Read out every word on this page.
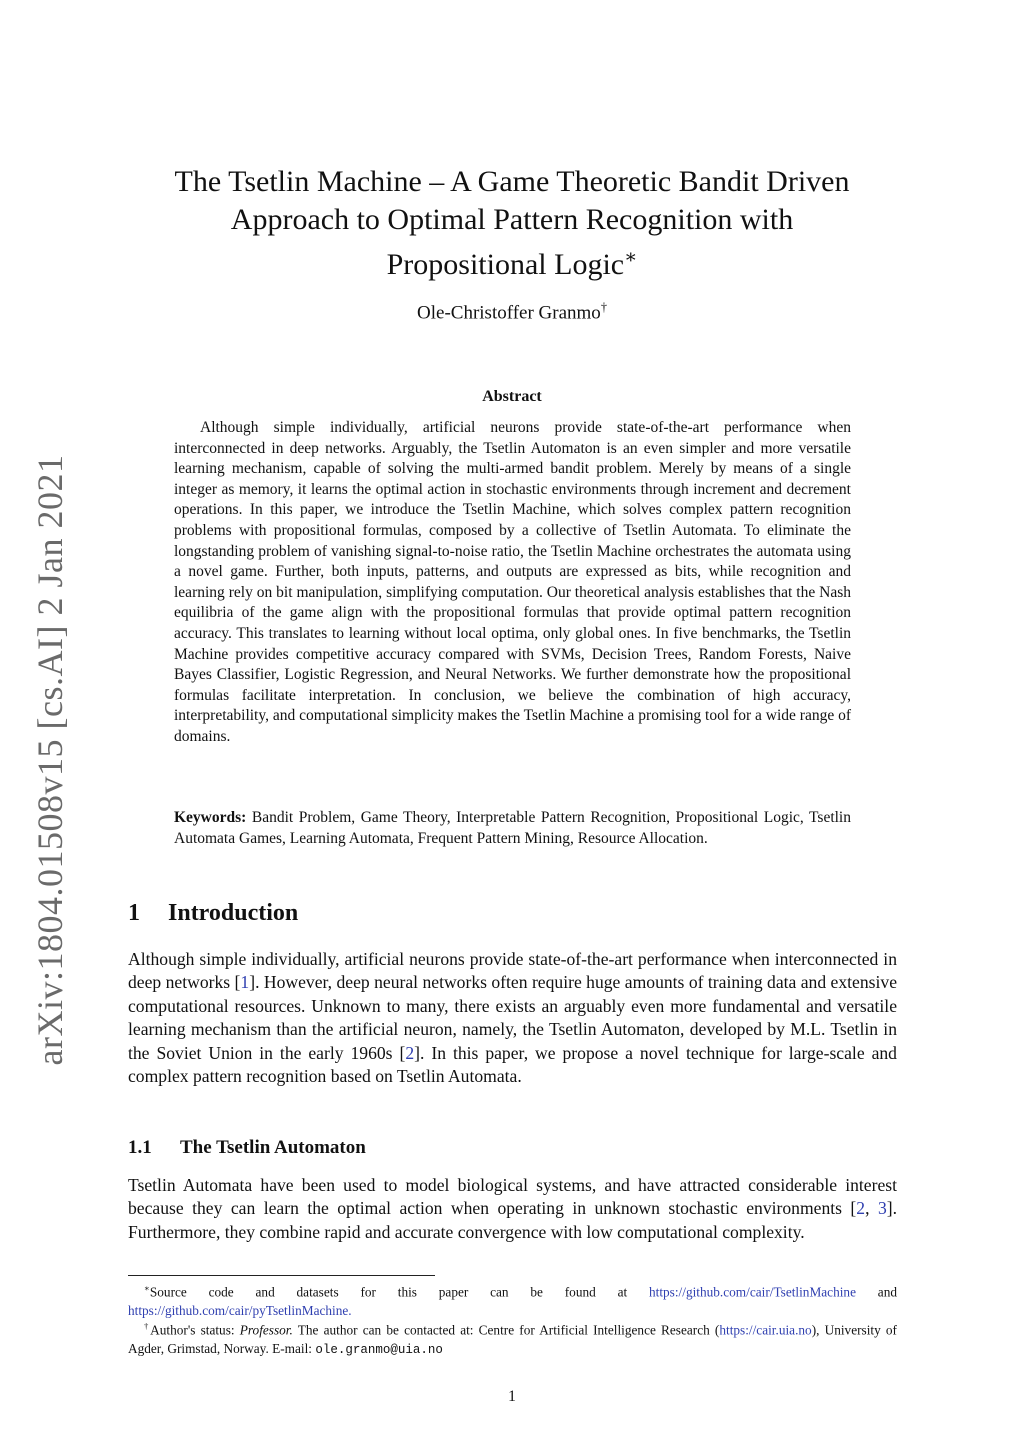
arXiv:1804.01508v15 [cs.AI] 2 Jan 2021
The Tsetlin Machine – A Game Theoretic Bandit Driven Approach to Optimal Pattern Recognition with Propositional Logic∗
Ole-Christoffer Granmo†
Abstract

Although simple individually, artificial neurons provide state-of-the-art performance when interconnected in deep networks. Arguably, the Tsetlin Automaton is an even simpler and more versatile learning mechanism, capable of solving the multi-armed bandit problem. Merely by means of a single integer as memory, it learns the optimal action in stochastic environments through increment and decrement operations. In this paper, we introduce the Tsetlin Machine, which solves complex pattern recognition problems with propositional formulas, composed by a collective of Tsetlin Automata. To eliminate the longstanding problem of vanishing signal-to-noise ratio, the Tsetlin Machine orchestrates the automata using a novel game. Further, both inputs, patterns, and outputs are expressed as bits, while recognition and learning rely on bit manipulation, simplifying computation. Our theoretical analysis establishes that the Nash equilibria of the game align with the propositional formulas that provide optimal pattern recognition accuracy. This translates to learning without local optima, only global ones. In five benchmarks, the Tsetlin Machine provides competitive accuracy compared with SVMs, Decision Trees, Random Forests, Naive Bayes Classifier, Logistic Regression, and Neural Networks. We further demonstrate how the propositional formulas facilitate interpretation. In conclusion, we believe the combination of high accuracy, interpretability, and computational simplicity makes the Tsetlin Machine a promising tool for a wide range of domains.

Keywords: Bandit Problem, Game Theory, Interpretable Pattern Recognition, Propositional Logic, Tsetlin Automata Games, Learning Automata, Frequent Pattern Mining, Resource Allocation.

1 Introduction

Although simple individually, artificial neurons provide state-of-the-art performance when interconnected in deep networks [1]. However, deep neural networks often require huge amounts of training data and extensive computational resources. Unknown to many, there exists an arguably even more fundamental and versatile learning mechanism than the artificial neuron, namely, the Tsetlin Automaton, developed by M.L. Tsetlin in the Soviet Union in the early 1960s [2]. In this paper, we propose a novel technique for large-scale and complex pattern recognition based on Tsetlin Automata.

1.1 The Tsetlin Automaton

Tsetlin Automata have been used to model biological systems, and have attracted considerable interest because they can learn the optimal action when operating in unknown stochastic environments [2, 3]. Furthermore, they combine rapid and accurate convergence with low computational complexity.

∗Source code and datasets for this paper can be found at https://github.com/cair/TsetlinMachine and https://github.com/cair/pyTsetlinMachine.

†Author's status: Professor. The author can be contacted at: Centre for Artificial Intelligence Research (https://cair.uia.no), University of Agder, Grimstad, Norway. E-mail: ole.granmo@uia.no

1
